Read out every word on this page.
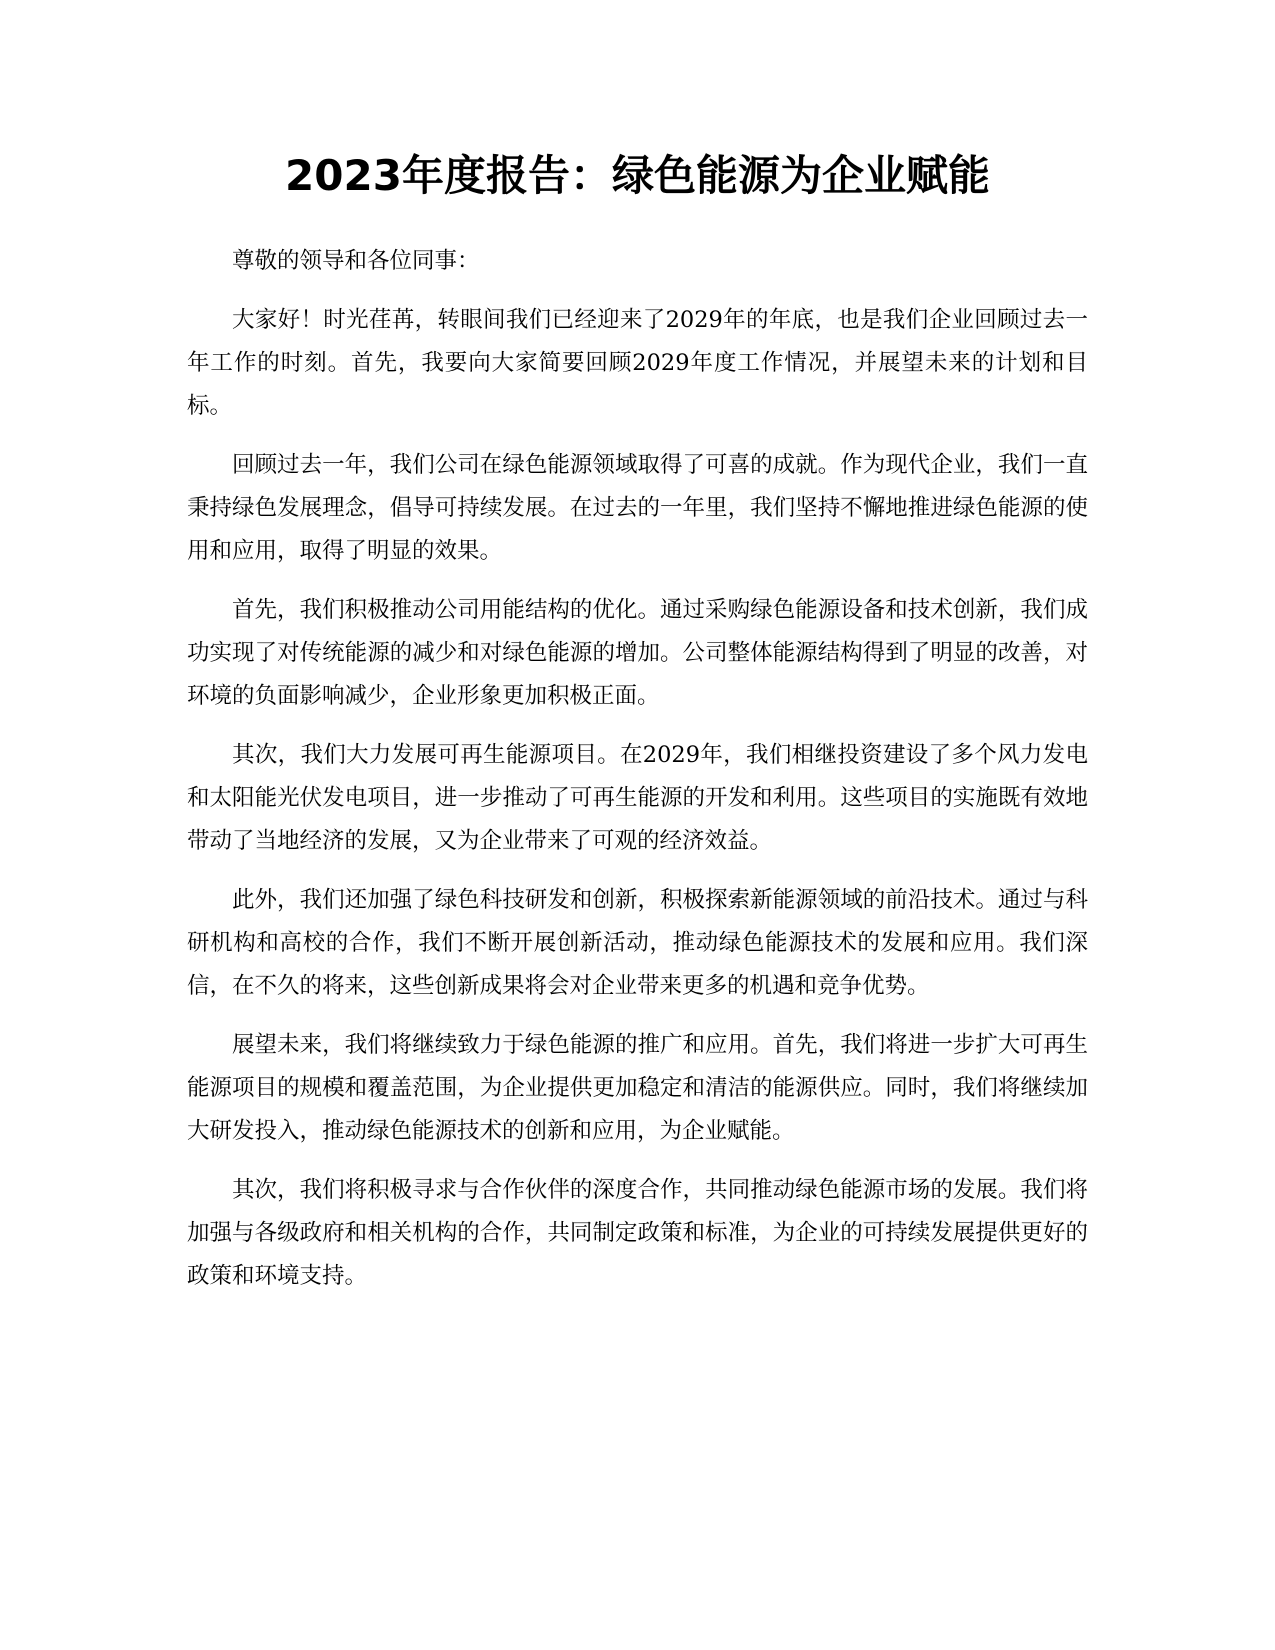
2023年度报告：绿色能源为企业赋能

尊敬的领导和各位同事：

大家好！时光荏苒，转眼间我们已经迎来了2029年的年底，也是我们企业回顾过去一年工作的时刻。首先，我要向大家简要回顾2029年度工作情况，并展望未来的计划和目标。

回顾过去一年，我们公司在绿色能源领域取得了可喜的成就。作为现代企业，我们一直秉持绿色发展理念，倡导可持续发展。在过去的一年里，我们坚持不懈地推进绿色能源的使用和应用，取得了明显的效果。

首先，我们积极推动公司用能结构的优化。通过采购绿色能源设备和技术创新，我们成功实现了对传统能源的减少和对绿色能源的增加。公司整体能源结构得到了明显的改善，对环境的负面影响减少，企业形象更加积极正面。

其次，我们大力发展可再生能源项目。在2029年，我们相继投资建设了多个风力发电和太阳能光伏发电项目，进一步推动了可再生能源的开发和利用。这些项目的实施既有效地带动了当地经济的发展，又为企业带来了可观的经济效益。

此外，我们还加强了绿色科技研发和创新，积极探索新能源领域的前沿技术。通过与科研机构和高校的合作，我们不断开展创新活动，推动绿色能源技术的发展和应用。我们深信，在不久的将来，这些创新成果将会对企业带来更多的机遇和竞争优势。

展望未来，我们将继续致力于绿色能源的推广和应用。首先，我们将进一步扩大可再生能源项目的规模和覆盖范围，为企业提供更加稳定和清洁的能源供应。同时，我们将继续加大研发投入，推动绿色能源技术的创新和应用，为企业赋能。

其次，我们将积极寻求与合作伙伴的深度合作，共同推动绿色能源市场的发展。我们将加强与各级政府和相关机构的合作，共同制定政策和标准，为企业的可持续发展提供更好的政策和环境支持。
